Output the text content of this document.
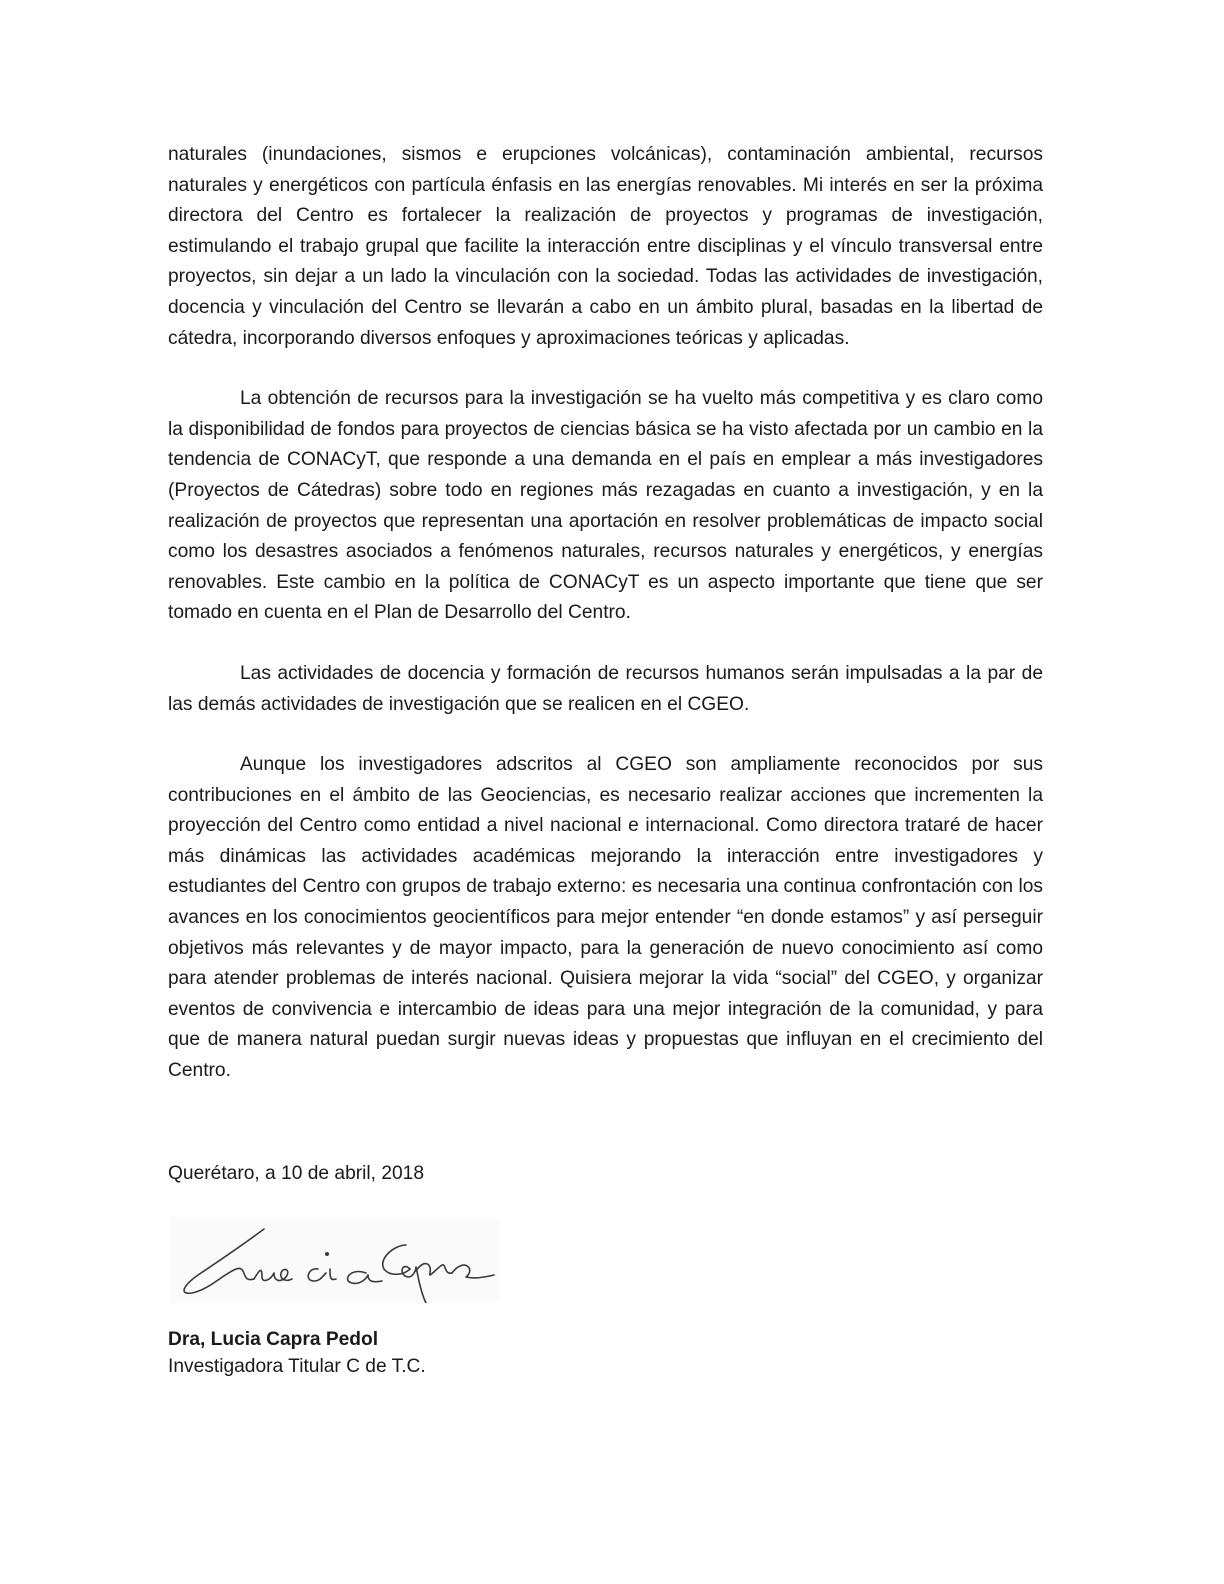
naturales (inundaciones, sismos e erupciones volcánicas), contaminación ambiental, recursos naturales y energéticos con partícula énfasis en las energías renovables. Mi interés en ser la próxima directora del Centro es fortalecer la realización de proyectos y programas de investigación, estimulando el trabajo grupal que facilite la interacción entre disciplinas y el vínculo transversal entre proyectos, sin dejar a un lado la vinculación con la sociedad. Todas las actividades de investigación, docencia y vinculación del Centro se llevarán a cabo en un ámbito plural, basadas en la libertad de cátedra, incorporando diversos enfoques y aproximaciones teóricas y aplicadas.

La obtención de recursos para la investigación se ha vuelto más competitiva y es claro como la disponibilidad de fondos para proyectos de ciencias básica se ha visto afectada por un cambio en la tendencia de CONACyT, que responde a una demanda en el país en emplear a más investigadores (Proyectos de Cátedras) sobre todo en regiones más rezagadas en cuanto a investigación, y en la realización de proyectos que representan una aportación en resolver problemáticas de impacto social como los desastres asociados a fenómenos naturales, recursos naturales y energéticos, y energías renovables. Este cambio en la política de CONACyT es un aspecto importante que tiene que ser tomado en cuenta en el Plan de Desarrollo del Centro.

Las actividades de docencia y formación de recursos humanos serán impulsadas a la par de las demás actividades de investigación que se realicen en el CGEO.

Aunque los investigadores adscritos al CGEO son ampliamente reconocidos por sus contribuciones en el ámbito de las Geociencias, es necesario realizar acciones que incrementen la proyección del Centro como entidad a nivel nacional e internacional. Como directora trataré de hacer más dinámicas las actividades académicas mejorando la interacción entre investigadores y estudiantes del Centro con grupos de trabajo externo: es necesaria una continua confrontación con los avances en los conocimientos geocientíficos para mejor entender “en donde estamos” y así perseguir objetivos más relevantes y de mayor impacto, para la generación de nuevo conocimiento así como para atender problemas de interés nacional. Quisiera mejorar la vida “social” del CGEO, y organizar eventos de convivencia e intercambio de ideas para una mejor integración de la comunidad, y para que de manera natural puedan surgir nuevas ideas y propuestas que influyan en el crecimiento del Centro.

Querétaro, a 10 de abril, 2018
Dra, Lucia Capra Pedol
Investigadora Titular C de T.C.
